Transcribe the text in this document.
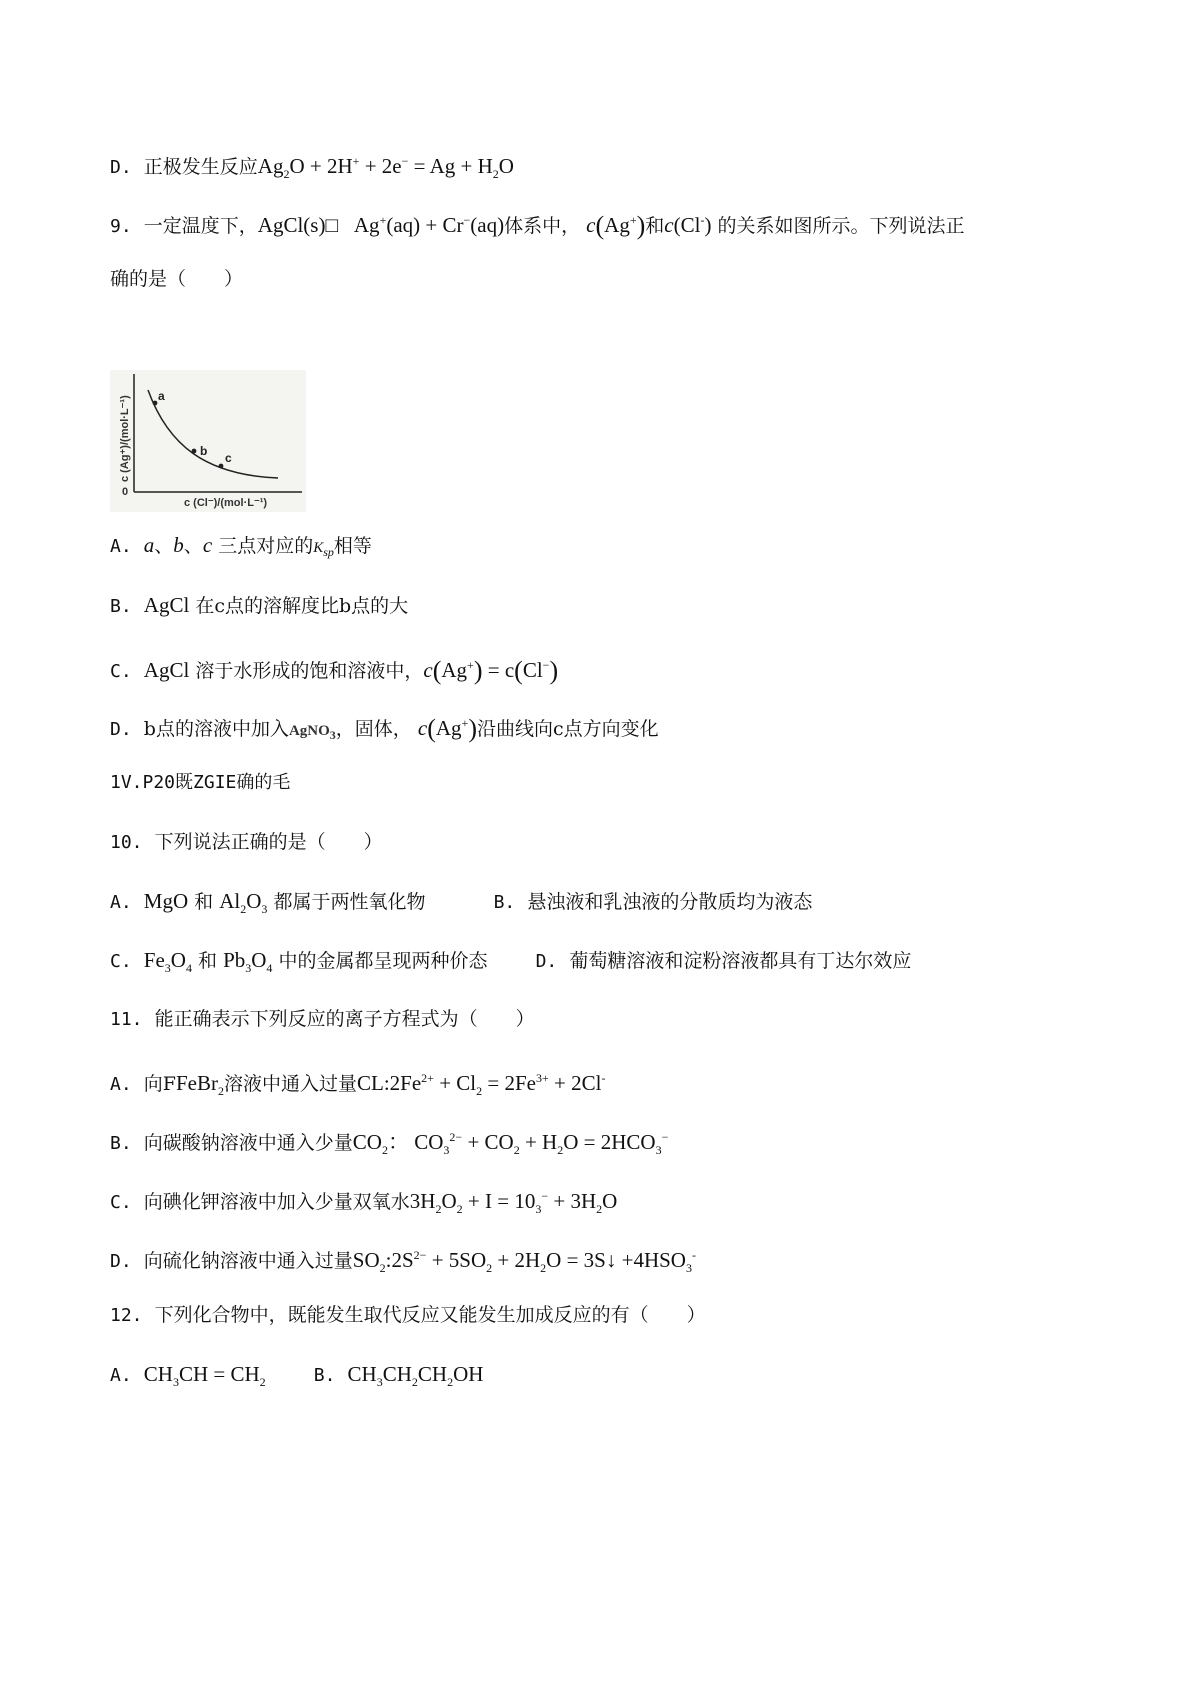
D. 正极发生反应$Ag_2O + 2H^+ + 2e^- = Ag + H_2O$
9. 一定温度下，AgCl(s)□   Ag+(aq) + Cr−(aq)体系中， c(Ag+)和c(Cl-) 的关系如图所示。下列说法正
确的是（　　）
a
b c
0
c (Cl⁻)/(mol·L⁻¹)
c (Ag⁺)/(mol·L⁻¹)
A. a、b、c 三点对应的$K_{sp}$相等
B. AgCl 在c点的溶解度比b点的大
C. AgCl 溶于水形成的饱和溶液中，c(Ag+) = c(Cl−)
D. b点的溶液中加入AgNO$_3$，固体， c(Ag+)沿曲线向c点方向变化
1V.P20既ZGIE确的毛
10. 下列说法正确的是（　　）
A. MgO 和 $Al_2O_3$ 都属于两性氧化物	B. 悬浊液和乳浊液的分散质均为液态
C. $Fe_3O_4$ 和 $Pb_3O_4$ 中的金属都呈现两种价态	D. 葡萄糖溶液和淀粉溶液都具有丁达尔效应
11. 能正确表示下列反应的离子方程式为（　　）
A. 向FFeBr$_2$溶液中通入过量$CL:2Fe^{2+} + Cl_2 = 2Fe^{3+} + 2Cl^-$
B. 向碳酸钠溶液中通入少量$CO_2$： $CO_3^{2-} + CO_2 + H_2O = 2HCO_3^-$
C. 向碘化钾溶液中加入少量双氧水$3H_2O_2 + I = 10_3^- + 3H_2O$
D. 向硫化钠溶液中通入过量$SO_2:2S^{2-} + 5SO_2 + 2H_2O$ = 3S↓ $+4HSO_3^-$
12. 下列化合物中，既能发生取代反应又能发生加成反应的有（　　）
A. $CH_3CH = CH_2$	B. $CH_3CH_2CH_2OH$
